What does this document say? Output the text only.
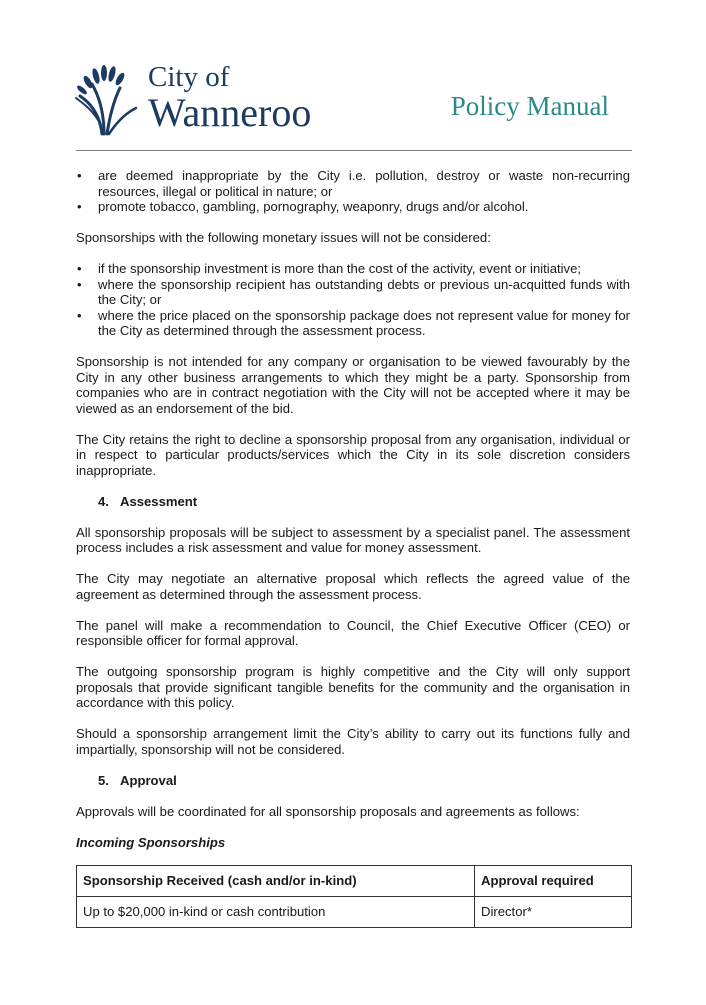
City of
Wanneroo	Policy Manual
• are deemed inappropriate by the City i.e. pollution, destroy or waste non-recurring resources, illegal or political in nature; or
• promote tobacco, gambling, pornography, weaponry, drugs and/or alcohol.

Sponsorships with the following monetary issues will not be considered:

• if the sponsorship investment is more than the cost of the activity, event or initiative;
• where the sponsorship recipient has outstanding debts or previous un-acquitted funds with the City; or
• where the price placed on the sponsorship package does not represent value for money for the City as determined through the assessment process.

Sponsorship is not intended for any company or organisation to be viewed favourably by the City in any other business arrangements to which they might be a party. Sponsorship from companies who are in contract negotiation with the City will not be accepted where it may be viewed as an endorsement of the bid.

The City retains the right to decline a sponsorship proposal from any organisation, individual or in respect to particular products/services which the City in its sole discretion considers inappropriate.

4. Assessment

All sponsorship proposals will be subject to assessment by a specialist panel. The assessment process includes a risk assessment and value for money assessment.

The City may negotiate an alternative proposal which reflects the agreed value of the agreement as determined through the assessment process.

The panel will make a recommendation to Council, the Chief Executive Officer (CEO) or responsible officer for formal approval.

The outgoing sponsorship program is highly competitive and the City will only support proposals that provide significant tangible benefits for the community and the organisation in accordance with this policy.

Should a sponsorship arrangement limit the City’s ability to carry out its functions fully and impartially, sponsorship will not be considered.

5. Approval

Approvals will be coordinated for all sponsorship proposals and agreements as follows:

Incoming Sponsorships

Sponsorship Received (cash and/or in-kind)	Approval required
Up to $20,000 in-kind or cash contribution	Director*
